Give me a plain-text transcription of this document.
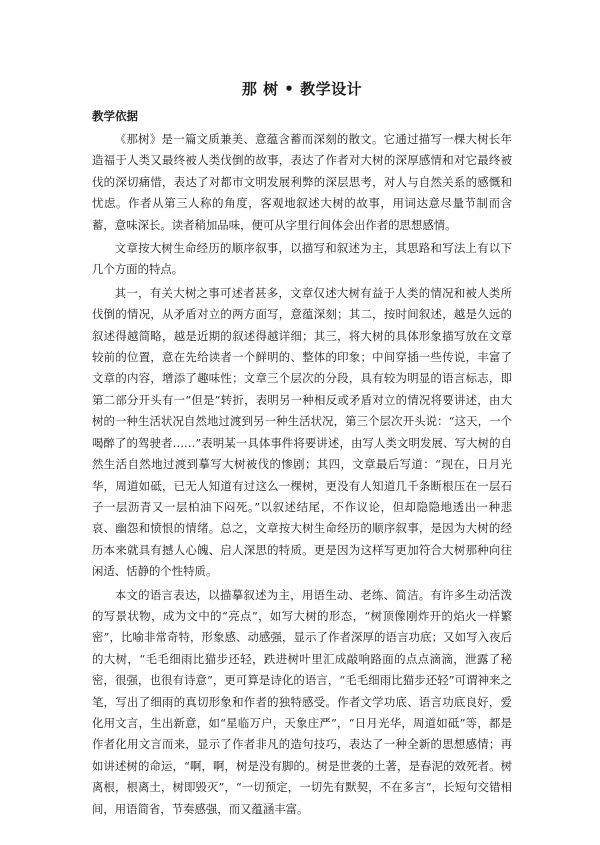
那 树 • 教学设计
教学依据

《那树》是一篇文质兼美、意蕴含蓄而深刻的散文。它通过描写一棵大树长年造福于人类又最终被人类伐倒的故事，表达了作者对大树的深厚感情和对它最终被伐的深切痛惜，表达了对都市文明发展利弊的深层思考，对人与自然关系的感慨和忧虑。作者从第三人称的角度，客观地叙述大树的故事，用词达意尽量节制而含蓄，意味深长。读者稍加品味，便可从字里行间体会出作者的思想感情。

文章按大树生命经历的顺序叙事，以描写和叙述为主，其思路和写法上有以下几个方面的特点。

其一，有关大树之事可述者甚多，文章仅述大树有益于人类的情况和被人类所伐倒的情况，从矛盾对立的两方面写，意蕴深刻；其二，按时间叙述，越是久远的叙述得越简略，越是近期的叙述得越详细；其三，将大树的具体形象描写放在文章较前的位置，意在先给读者一个鲜明的、整体的印象；中间穿插一些传说，丰富了文章的内容，增添了趣味性；文章三个层次的分段，具有较为明显的语言标志，即第二部分开头有一“但是”转折，表明另一种相反或矛盾对立的情况将要讲述，由大树的一种生活状况自然地过渡到另一种生活状况，第三个层次开头说：“这天，一个喝醉了的驾驶者……”表明某一具体事件将要讲述，由写人类文明发展、写大树的自然生活自然地过渡到摹写大树被伐的惨剧；其四，文章最后写道：“现在，日月光华，周道如砥，已无人知道有过这么一棵树，更没有人知道几千条断根压在一层石子一层沥青又一层柏油下闷死。”以叙述结尾，不作议论，但却隐隐地透出一种悲哀、幽怨和愤恨的情绪。总之，文章按大树生命经历的顺序叙事，是因为大树的经历本来就具有撼人心魄、启人深思的特质。更是因为这样写更加符合大树那种向往闲适、恬静的个性特质。

本文的语言表达，以描摹叙述为主，用语生动、老练、简洁。有许多生动活泼的写景状物，成为文中的“亮点”，如写大树的形态，“树顶像刚炸开的焰火一样繁密”，比喻非常奇特，形象感、动感强，显示了作者深厚的语言功底；又如写入夜后的大树，“毛毛细雨比猫步还轻，跌进树叶里汇成敲响路面的点点滴滴，泄露了秘密，很强，也很有诗意”，更可算是诗化的语言，“毛毛细雨比猫步还轻”可谓神来之笔，写出了细雨的真切形象和作者的独特感受。作者文学功底、语言功底良好，爱化用文言，生出新意，如“星临万户，天象庄严”，“日月光华，周道如砥”等，都是作者化用文言而来，显示了作者非凡的造句技巧，表达了一种全新的思想感情；再如讲述树的命运，“啊，啊，树是没有脚的。树是世袭的土著，是春泥的效死者。树离根，根离土，树即毁灭”，“一切预定，一切先有默契，不在多言”，长短句交错相间，用语简省，节奏感强，而又蕴涵丰富。
